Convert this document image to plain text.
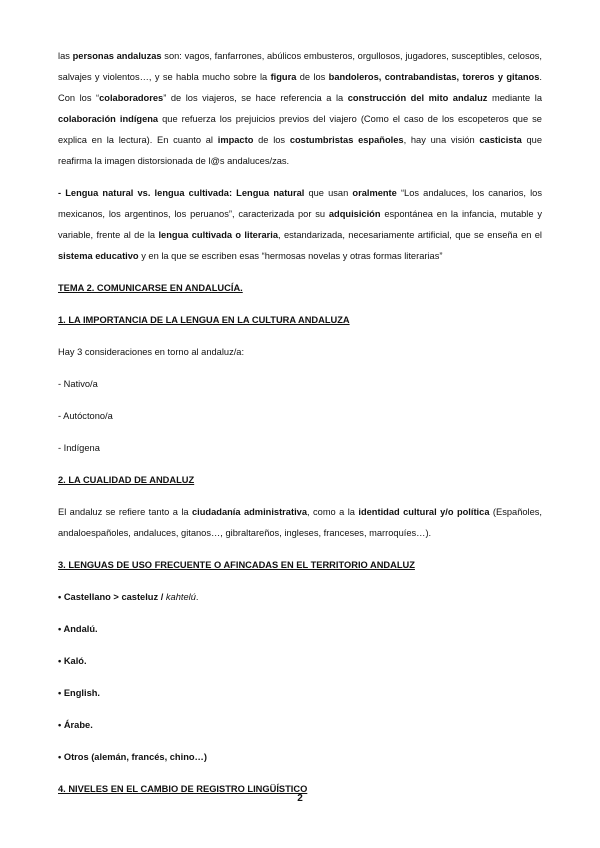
las personas andaluzas son: vagos, fanfarrones, abúlicos embusteros, orgullosos, jugadores, susceptibles, celosos, salvajes y violentos…, y se habla mucho sobre la figura de los bandoleros, contrabandistas, toreros y gitanos. Con los “colaboradores” de los viajeros, se hace referencia a la construcción del mito andaluz mediante la colaboración indígena que refuerza los prejuicios previos del viajero (Como el caso de los escopeteros que se explica en la lectura). En cuanto al impacto de los costumbristas españoles, hay una visión casticista que reafirma la imagen distorsionada de l@s andaluces/zas.

- Lengua natural vs. lengua cultivada: Lengua natural que usan oralmente “Los andaluces, los canarios, los mexicanos, los argentinos, los peruanos”, caracterizada por su adquisición espontánea en la infancia, mutable y variable, frente al de la lengua cultivada o literaria, estandarizada, necesariamente artificial, que se enseña en el sistema educativo y en la que se escriben esas “hermosas novelas y otras formas literarias”

TEMA 2. COMUNICARSE EN ANDALUCÍA.

1. LA IMPORTANCIA DE LA LENGUA EN LA CULTURA ANDALUZA

Hay 3 consideraciones en torno al andaluz/a:

- Nativo/a

- Autóctono/a

- Indígena

2. LA CUALIDAD DE ANDALUZ

El andaluz se refiere tanto a la ciudadanía administrativa, como a la identidad cultural y/o política (Españoles, andaloespañoles, andaluces, gitanos…, gibraltareños, ingleses, franceses, marroquíes…).

3. LENGUAS DE USO FRECUENTE O AFINCADAS EN EL TERRITORIO ANDALUZ

• Castellano > casteluz / kahtelú.

• Andalú.

• Kaló.

• English.

• Árabe.

• Otros (alemán, francés, chino…)

4. NIVELES EN EL CAMBIO DE REGISTRO LINGÜÍSTICO

2
